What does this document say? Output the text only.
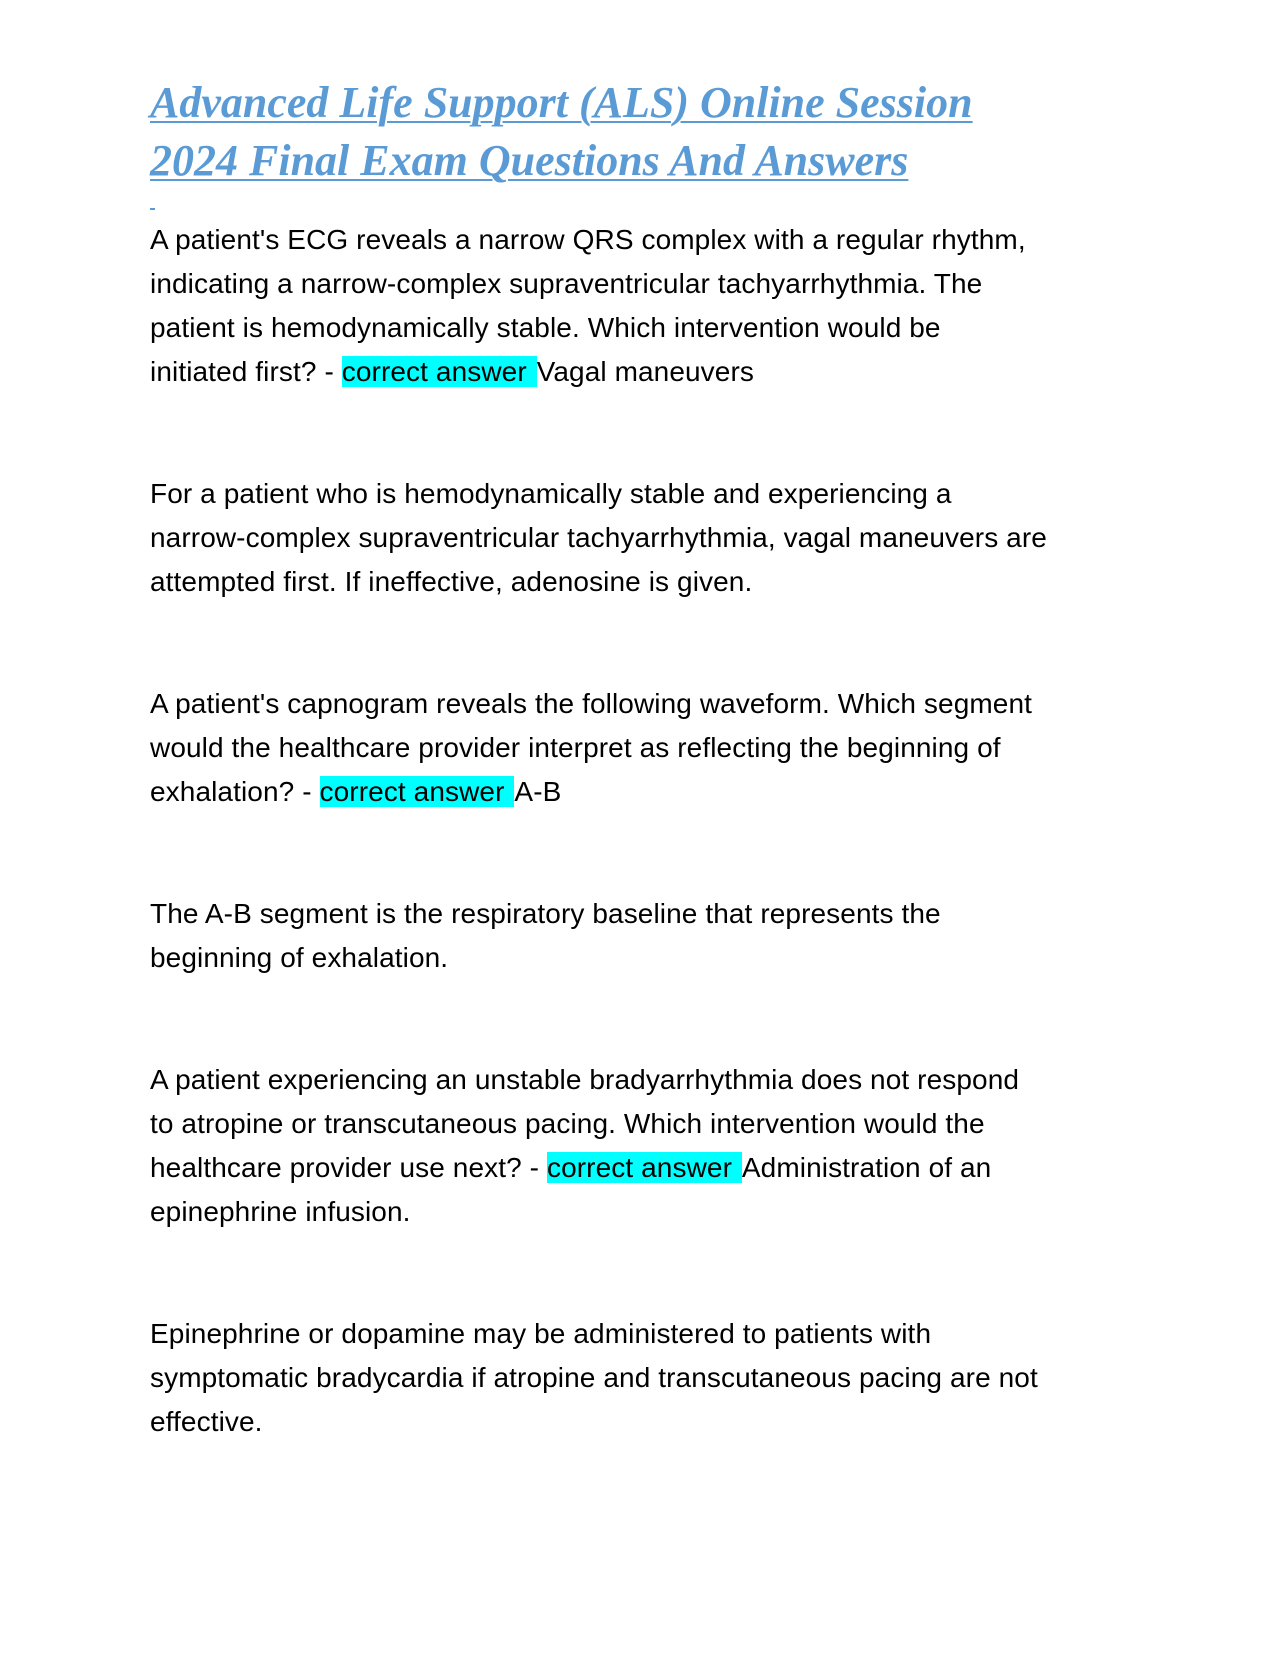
Advanced Life Support (ALS) Online Session
2024 Final Exam Questions And Answers

A patient's ECG reveals a narrow QRS complex with a regular rhythm,
indicating a narrow-complex supraventricular tachyarrhythmia. The
patient is hemodynamically stable. Which intervention would be
initiated first? - correct answer Vagal maneuvers

For a patient who is hemodynamically stable and experiencing a
narrow-complex supraventricular tachyarrhythmia, vagal maneuvers are
attempted first. If ineffective, adenosine is given.

A patient's capnogram reveals the following waveform. Which segment
would the healthcare provider interpret as reflecting the beginning of
exhalation? - correct answer A-B

The A-B segment is the respiratory baseline that represents the
beginning of exhalation.

A patient experiencing an unstable bradyarrhythmia does not respond
to atropine or transcutaneous pacing. Which intervention would the
healthcare provider use next? - correct answer Administration of an
epinephrine infusion.

Epinephrine or dopamine may be administered to patients with
symptomatic bradycardia if atropine and transcutaneous pacing are not
effective.
